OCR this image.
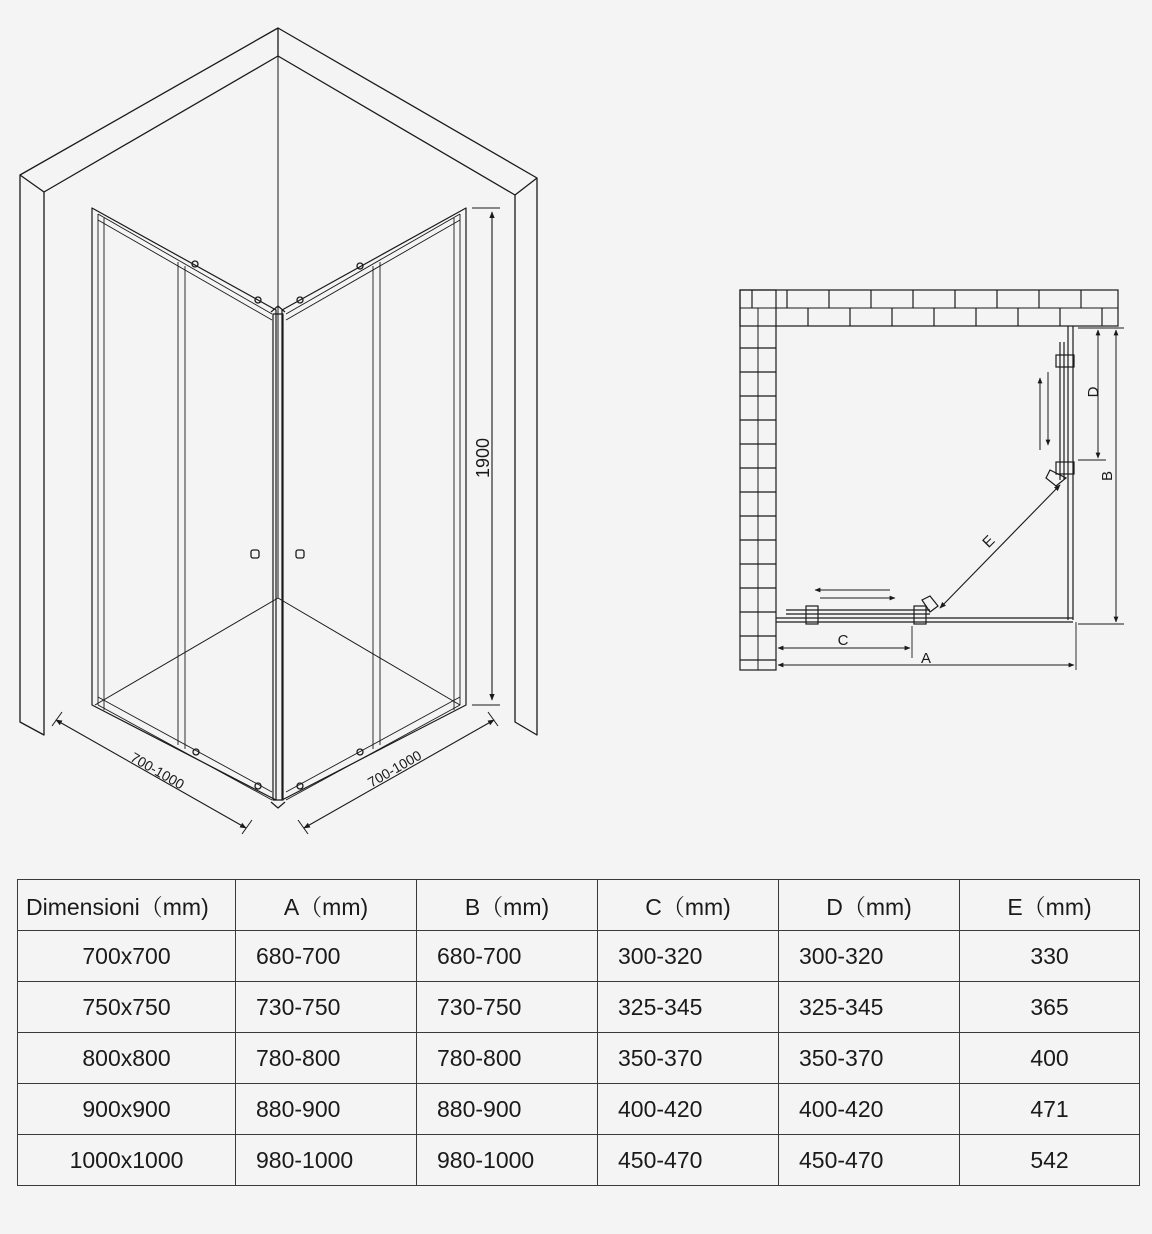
1900
700-1000	700-1000
C
A
E
D
B
Dimensioni（mm)	A（mm)	B（mm)	C（mm)	D（mm)	E（mm)
700x700	680-700	680-700	300-320	300-320	330
750x750	730-750	730-750	325-345	325-345	365
800x800	780-800	780-800	350-370	350-370	400
900x900	880-900	880-900	400-420	400-420	471
1000x1000	980-1000	980-1000	450-470	450-470	542
